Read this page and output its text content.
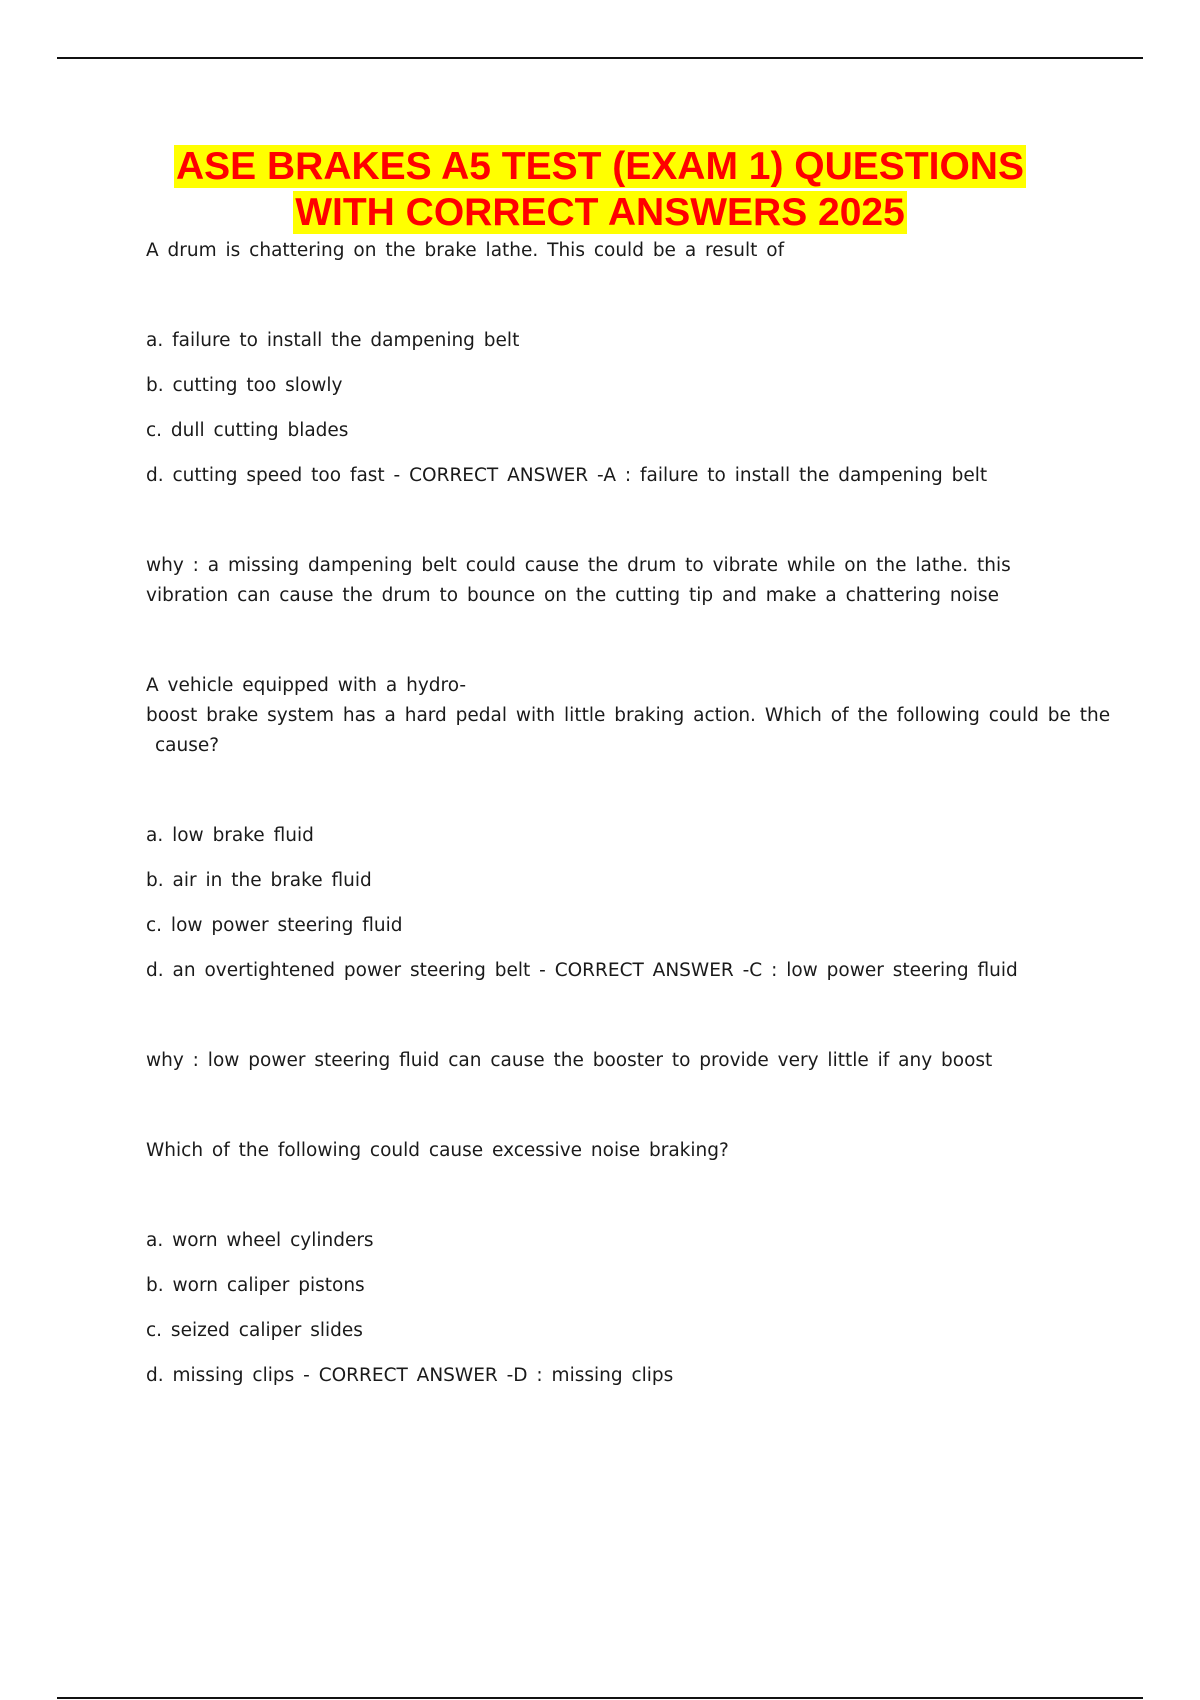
ASE BRAKES A5 TEST (EXAM 1) QUESTIONS
WITH CORRECT ANSWERS 2025

A drum is chattering on the brake lathe. This could be a result of

a. failure to install the dampening belt

b. cutting too slowly

c. dull cutting blades

d. cutting speed too fast - CORRECT ANSWER -A : failure to install the dampening belt

why : a missing dampening belt could cause the drum to vibrate while on the lathe. this vibration can cause the drum to bounce on the cutting tip and make a chattering noise

A vehicle equipped with a hydro-

boost brake system has a hard pedal with little braking action. Which of the following could be the

cause?

a. low brake fluid

b. air in the brake fluid

c. low power steering fluid

d. an overtightened power steering belt - CORRECT ANSWER -C : low power steering fluid

why : low power steering fluid can cause the booster to provide very little if any boost

Which of the following could cause excessive noise braking?

a. worn wheel cylinders

b. worn caliper pistons

c. seized caliper slides

d. missing clips - CORRECT ANSWER -D : missing clips
